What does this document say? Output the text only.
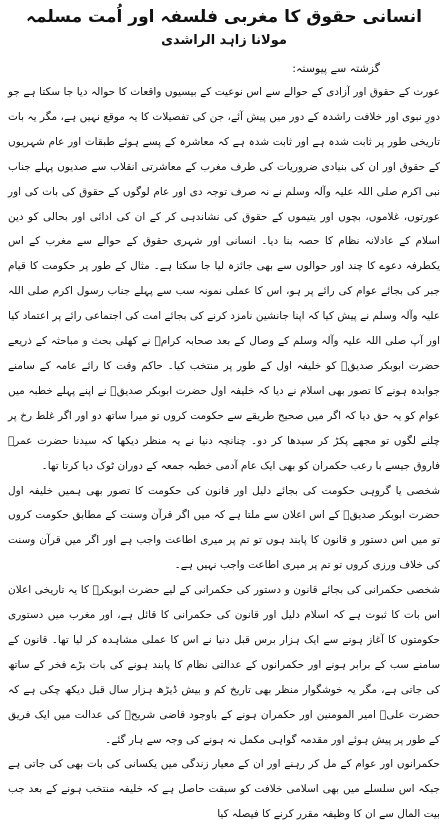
انسانی حقوق کا مغربی فلسفہ اور اُمت مسلمہ
مولانا زاہد الراشدی
گزشتہ سے پیوستہ:

عورت کے حقوق اور آزادی کے حوالے سے اس نوعیت کے بیسیوں واقعات کا حوالہ دیا جا سکتا ہے جو دورِ نبوی اور خلافت راشدہ کے دور میں پیش آئے، جن کی تفصیلات کا یہ موقع نہیں ہے، مگر یہ بات تاریخی طور پر ثابت شدہ ہے اور ثابت شدہ ہے کہ معاشرہ کے پسے ہوئے طبقات اور عام شہریوں کے حقوق اور ان کی بنیادی ضروریات کی طرف مغرب کے معاشرتی انقلاب سے صدیوں پہلے جناب نبی اکرم صلی اللہ علیہ وآلہ وسلم نے نہ صرف توجہ دی اور عام لوگوں کے حقوق کی بات کی اور عورتوں، غلاموں، بچوں اور یتیموں کے حقوق کی نشاندہی کر کے ان کی ادائی اور بحالی کو دین اسلام کے عادلانہ نظام کا حصہ بنا دیا۔ انسانی اور شہری حقوق کے حوالے سے مغرب کے اس یکطرفہ دعوے کا چند اور حوالوں سے بھی جائزہ لیا جا سکتا ہے۔ مثال کے طور پر حکومت کا قیام جبر کی بجائے عوام کی رائے پر ہو، اس کا عملی نمونہ سب سے پہلے جناب رسول اکرم صلی اللہ علیہ وآلہ وسلم نے پیش کیا کہ اپنا جانشین نامزد کرنے کی بجائے امت کی اجتماعی رائے پر اعتماد کیا اور آپ صلی اللہ علیہ وآلہ وسلم کے وصال کے بعد صحابہ کرامؓ نے کھلی بحث و مباحثہ کے ذریعے حضرت ابوبکر صدیقؓ کو خلیفہ اول کے طور پر منتخب کیا۔ حاکم وقت کا رائے عامہ کے سامنے جوابدہ ہونے کا تصور بھی اسلام نے دیا کہ خلیفہ اول حضرت ابوبکر صدیقؓ نے اپنے پہلے خطبہ میں عوام کو یہ حق دیا کہ اگر میں صحیح طریقے سے حکومت کروں تو میرا ساتھ دو اور اگر غلط رخ پر چلنے لگوں تو مجھے پکڑ کر سیدھا کر دو۔ چنانچہ دنیا نے یہ منظر دیکھا کہ سیدنا حضرت عمرؓ فاروق جیسے با رعب حکمران کو بھی ایک عام آدمی خطبہ جمعہ کے دوران ٹوک دیا کرتا تھا۔

شخصی یا گروہی حکومت کی بجائے دلیل اور قانون کی حکومت کا تصور بھی ہمیں خلیفہ اول حضرت ابوبکر صدیقؓ کے اس اعلان سے ملتا ہے کہ میں اگر قرآن وسنت کے مطابق حکومت کروں تو میں اس دستور و قانون کا پابند ہوں تو تم پر میری اطاعت واجب ہے اور اگر میں قرآن وسنت کی خلاف ورزی کروں تو تم پر میری اطاعت واجب نہیں ہے۔

شخصی حکمرانی کی بجائے قانون و دستور کی حکمرانی کے لیے حضرت ابوبکرؓ کا یہ تاریخی اعلان اس بات کا ثبوت ہے کہ اسلام دلیل اور قانون کی حکمرانی کا قائل ہے، اور مغرب میں دستوری حکومتوں کا آغاز ہونے سے ایک ہزار برس قبل دنیا نے اس کا عملی مشاہدہ کر لیا تھا۔ قانون کے سامنے سب کے برابر ہونے اور حکمرانوں کے عدالتی نظام کا پابند ہونے کی بات بڑے فخر کے ساتھ کی جاتی ہے، مگر یہ خوشگوار منظر بھی تاریخ کم و بیش ڈیڑھ ہزار سال قبل دیکھ چکی ہے کہ حضرت علیؓ امیر المومنین اور حکمران ہونے کے باوجود قاضی شریحؒ کی عدالت میں ایک فریق کے طور پر پیش ہوئے اور مقدمہ گواہی مکمل نہ ہونے کی وجہ سے ہار گئے۔

حکمرانوں اور عوام کے مل کر رہنے اور ان کے معیار زندگی میں یکسانی کی بات بھی کی جاتی ہے جبکہ اس سلسلے میں بھی اسلامی خلافت کو سبقت حاصل ہے کہ خلیفہ منتخب ہونے کے بعد جب بیت المال سے ان کا وظیفہ مقرر کرنے کا فیصلہ کیا
